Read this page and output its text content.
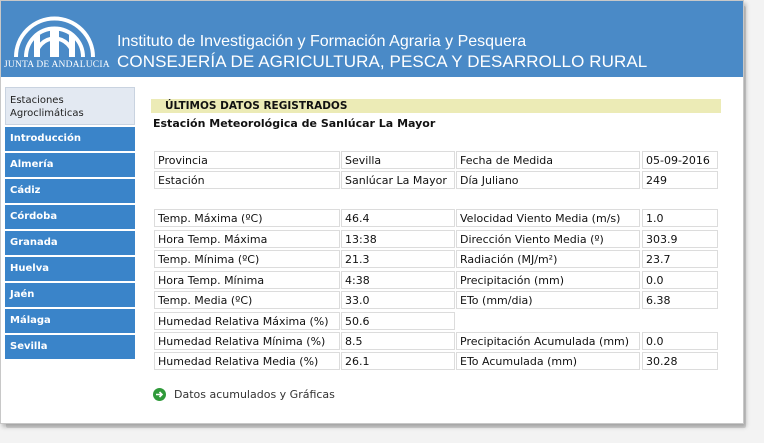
JUNTA DE ANDALUCIA
Instituto de Investigación y Formación Agraria y Pesquera
CONSEJERÍA DE AGRICULTURA, PESCA Y DESARROLLO RURAL
Estaciones Agroclimáticas
Introducción
Almería
Cádiz
Córdoba
Granada
Huelva
Jaén
Málaga
Sevilla
ÚLTIMOS DATOS REGISTRADOS
Estación Meteorológica de Sanlúcar La Mayor
Provincia	Sevilla	Fecha de Medida	05-09-2016
Estación	Sanlúcar La Mayor	Día Juliano	249
Temp. Máxima (ºC)	46.4	Velocidad Viento Media (m/s)	1.0
Hora Temp. Máxima	13:38	Dirección Viento Media (º)	303.9
Temp. Mínima (ºC)	21.3	Radiación (MJ/m²)	23.7
Hora Temp. Mínima	4:38	Precipitación (mm)	0.0
Temp. Media (ºC)	33.0	ETo (mm/dia)	6.38
Humedad Relativa Máxima (%)	50.6
Humedad Relativa Mínima (%)	8.5	Precipitación Acumulada (mm)	0.0
Humedad Relativa Media (%)	26.1	ETo Acumulada (mm)	30.28
Datos acumulados y Gráficas
